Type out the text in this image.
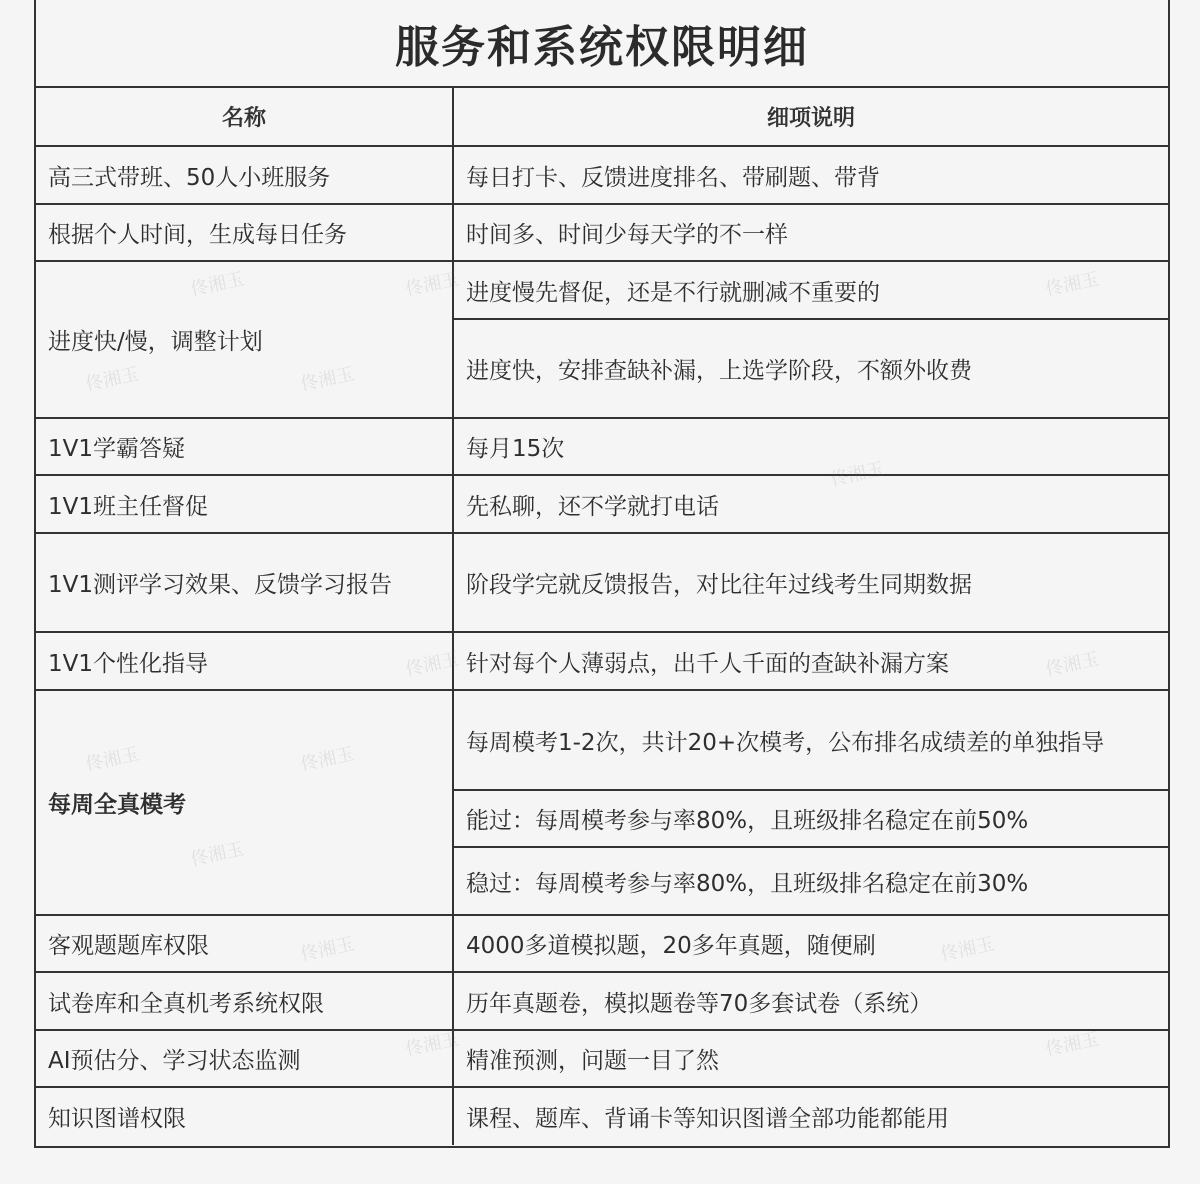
服务和系统权限明细
名称	细项说明
高三式带班、50人小班服务	每日打卡、反馈进度排名、带刷题、带背
根据个人时间，生成每日任务	时间多、时间少每天学的不一样
进度快/慢，调整计划	进度慢先督促，还是不行就删减不重要的
	进度快，安排查缺补漏，上选学阶段，不额外收费
1V1学霸答疑	每月15次
1V1班主任督促	先私聊，还不学就打电话
1V1测评学习效果、反馈学习报告	阶段学完就反馈报告，对比往年过线考生同期数据
1V1个性化指导	针对每个人薄弱点，出千人千面的查缺补漏方案
每周全真模考	每周模考1-2次，共计20+次模考，公布排名成绩差的单独指导
	能过：每周模考参与率80%，且班级排名稳定在前50%
	稳过：每周模考参与率80%，且班级排名稳定在前30%
客观题题库权限	4000多道模拟题，20多年真题，随便刷
试卷库和全真机考系统权限	历年真题卷，模拟题卷等70多套试卷（系统）
AI预估分、学习状态监测	精准预测，问题一目了然
知识图谱权限	课程、题库、背诵卡等知识图谱全部功能都能用
